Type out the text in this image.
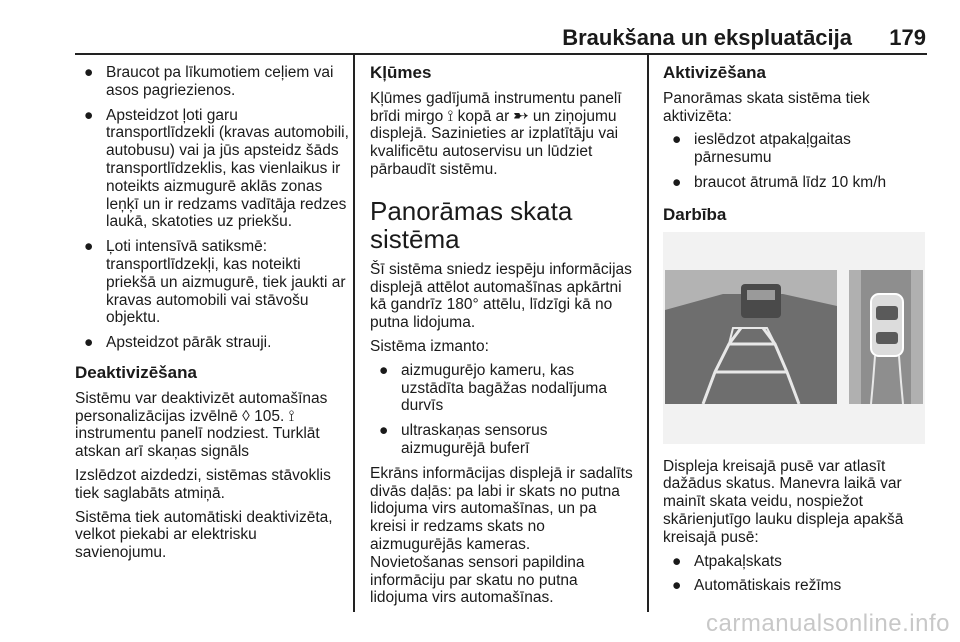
Braukšana un ekspluatācija 179
● Braucot pa līkumotiem ceļiem vai asos pagriezienos.
● Apsteidzot ļoti garu transportlīdzekli (kravas automobili, autobusu) vai ja jūs apsteidz šāds transportlīdzeklis, kas vienlaikus ir noteikts aizmugurē aklās zonas leņķī un ir redzams vadītāja redzes laukā, skatoties uz priekšu.
● Ļoti intensīvā satiksmē: transportlīdzekļi, kas noteikti priekšā un aizmugurē, tiek jaukti ar kravas automobili vai stāvošu objektu.
● Apsteidzot pārāk strauji.
Deaktivizēšana

Sistēmu var deaktivizēt automašīnas personalizācijas izvēlnē ◊ 105. ⟟ instrumentu panelī nodziest. Turklāt atskan arī skaņas signāls

Izslēdzot aizdedzi, sistēmas stāvoklis tiek saglabāts atmiņā.

Sistēma tiek automātiski deaktivizēta, velkot piekabi ar elektrisku savienojumu.

Kļūmes

Kļūmes gadījumā instrumentu panelī brīdi mirgo ⟟ kopā ar ➸ un ziņojumu displejā. Sazinieties ar izplatītāju vai kvalificētu autoservisu un lūdziet pārbaudīt sistēmu.

Panorāmas skata sistēma

Šī sistēma sniedz iespēju informācijas displejā attēlot automašīnas apkārtni kā gandrīz 180° attēlu, līdzīgi kā no putna lidojuma.

Sistēma izmanto:

● aizmugurējo kameru, kas uzstādīta bagāžas nodalījuma durvīs
● ultraskaņas sensorus aizmugurējā buferī

Ekrāns informācijas displejā ir sadalīts divās daļās: pa labi ir skats no putna lidojuma virs automašīnas, un pa kreisi ir redzams skats no aizmugurējās kameras.

Novietošanas sensori papildina informāciju par skatu no putna lidojuma virs automašīnas.

Aktivizēšana

Panorāmas skata sistēma tiek aktivizēta:

● ieslēdzot atpakaļgaitas pārnesumu
● braucot ātrumā līdz 10 km/h
Darbība

Displeja kreisajā pusē var atlasīt dažādus skatus. Manevra laikā var mainīt skata veidu, nospiežot skārienjutīgo lauku displeja apakšā kreisajā pusē:

● Atpakaļskats
● Automātiskais režīms
carmanualsonline.info
